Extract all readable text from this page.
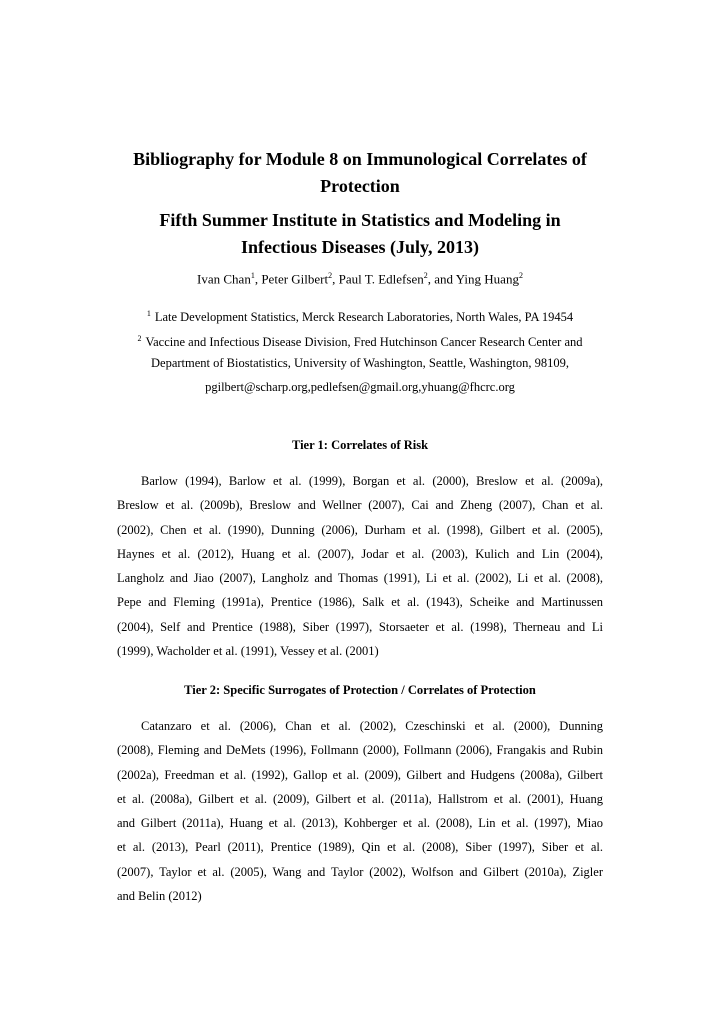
Bibliography for Module 8 on Immunological Correlates of
Protection
Fifth Summer Institute in Statistics and Modeling in
Infectious Diseases (July, 2013)
Ivan Chan$^1$, Peter Gilbert$^2$, Paul T. Edlefsen$^2$, and Ying Huang$^2$
$^1$ Late Development Statistics, Merck Research Laboratories, North Wales, PA 19454
$^2$ Vaccine and Infectious Disease Division, Fred Hutchinson Cancer Research Center and
Department of Biostatistics, University of Washington, Seattle, Washington, 98109,
pgilbert@scharp.org,pedlefsen@gmail.org,yhuang@fhcrc.org
Tier 1: Correlates of Risk
Barlow (1994), Barlow et al. (1999), Borgan et al. (2000), Breslow et al. (2009a),
Breslow et al. (2009b), Breslow and Wellner (2007), Cai and Zheng (2007), Chan et al.
(2002), Chen et al. (1990), Dunning (2006), Durham et al. (1998), Gilbert et al. (2005),
Haynes et al. (2012), Huang et al. (2007), Jodar et al. (2003), Kulich and Lin (2004),
Langholz and Jiao (2007), Langholz and Thomas (1991), Li et al. (2002), Li et al. (2008),
Pepe and Fleming (1991a), Prentice (1986), Salk et al. (1943), Scheike and Martinussen
(2004), Self and Prentice (1988), Siber (1997), Storsaeter et al. (1998), Therneau and Li
(1999), Wacholder et al. (1991), Vessey et al. (2001)
Tier 2: Specific Surrogates of Protection / Correlates of Protection
Catanzaro et al. (2006), Chan et al. (2002), Czeschinski et al. (2000), Dunning
(2008), Fleming and DeMets (1996), Follmann (2000), Follmann (2006), Frangakis and Rubin
(2002a), Freedman et al. (1992), Gallop et al. (2009), Gilbert and Hudgens (2008a), Gilbert
et al. (2008a), Gilbert et al. (2009), Gilbert et al. (2011a), Hallstrom et al. (2001), Huang
and Gilbert (2011a), Huang et al. (2013), Kohberger et al. (2008), Lin et al. (1997), Miao
et al. (2013), Pearl (2011), Prentice (1989), Qin et al. (2008), Siber (1997), Siber et al.
(2007), Taylor et al. (2005), Wang and Taylor (2002), Wolfson and Gilbert (2010a), Zigler
and Belin (2012)
